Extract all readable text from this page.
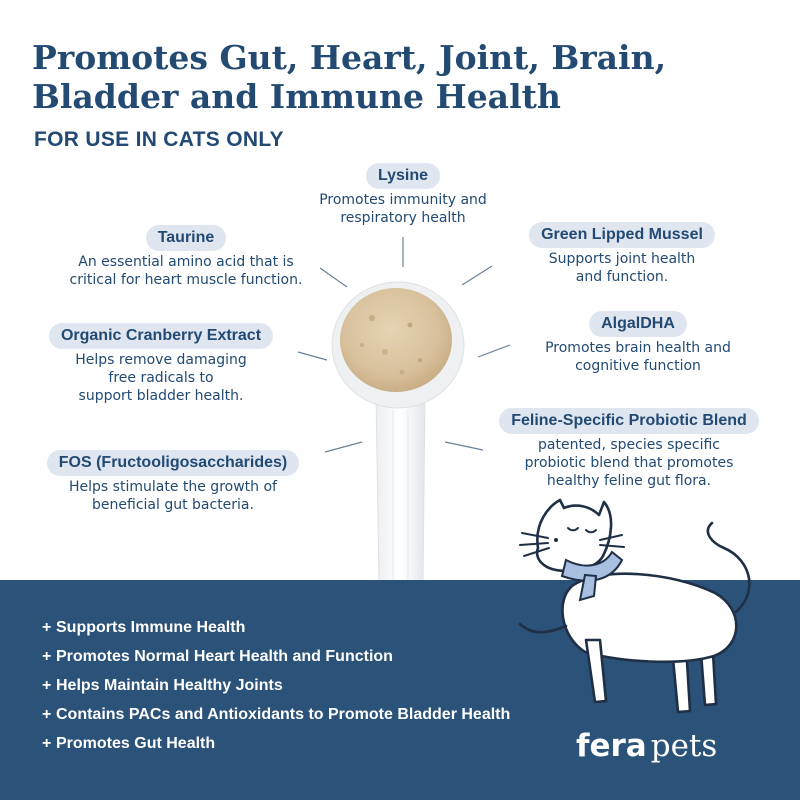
Promotes Gut, Heart, Joint, Brain,
Bladder and Immune Health
FOR USE IN CATS ONLY
Lysine
Promotes immunity and
respiratory health
Taurine
An essential amino acid that is
critical for heart muscle function.
Green Lipped Mussel
Supports joint health
and function.
Organic Cranberry Extract
Helps remove damaging
free radicals to
support bladder health.
AlgalDHA
Promotes brain health and
cognitive function
Feline-Specific Probiotic Blend
patented, species specific
probiotic blend that promotes
healthy feline gut flora.
FOS (Fructooligosaccharides)
Helps stimulate the growth of
beneficial gut bacteria.
+ Supports Immune Health
+ Promotes Normal Heart Health and Function
+ Helps Maintain Healthy Joints
+ Contains PACs and Antioxidants to Promote Bladder Health
+ Promotes Gut Health	fera pets
